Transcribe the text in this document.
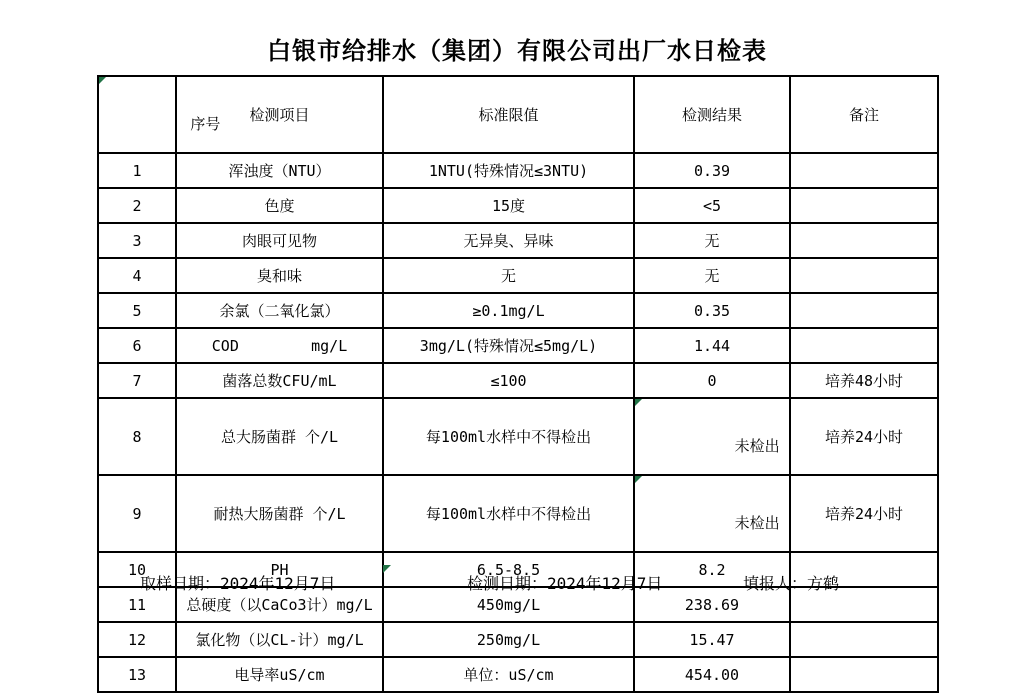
白银市给排水（集团）有限公司出厂水日检表

序号	检测项目	标准限值	检测结果	备注
1	浑浊度（NTU）	1NTU(特殊情况≤3NTU)	0.39	
2	色度	15度	<5	
3	肉眼可见物	无异臭、异味	无	
4	臭和味	无	无	
5	余氯（二氧化氯）	≥0.1mg/L	0.35	
6	COD        mg/L	3mg/L(特殊情况≤5mg/L)	1.44	
7	菌落总数CFU/mL	≤100	0	培养48小时
8	总大肠菌群 个/L	每100ml水样中不得检出	未检出	培养24小时
9	耐热大肠菌群 个/L	每100ml水样中不得检出	未检出	培养24小时
10	PH	6.5-8.5	8.2	
11	总硬度（以CaCo3计）mg/L	450mg/L	238.69	
12	氯化物（以CL-计）mg/L	250mg/L	15.47	
13	电导率uS/cm	单位：uS/cm	454.00	
取样日期：2024年12月7日	检测日期：2024年12月7日	填报人：方鹤
